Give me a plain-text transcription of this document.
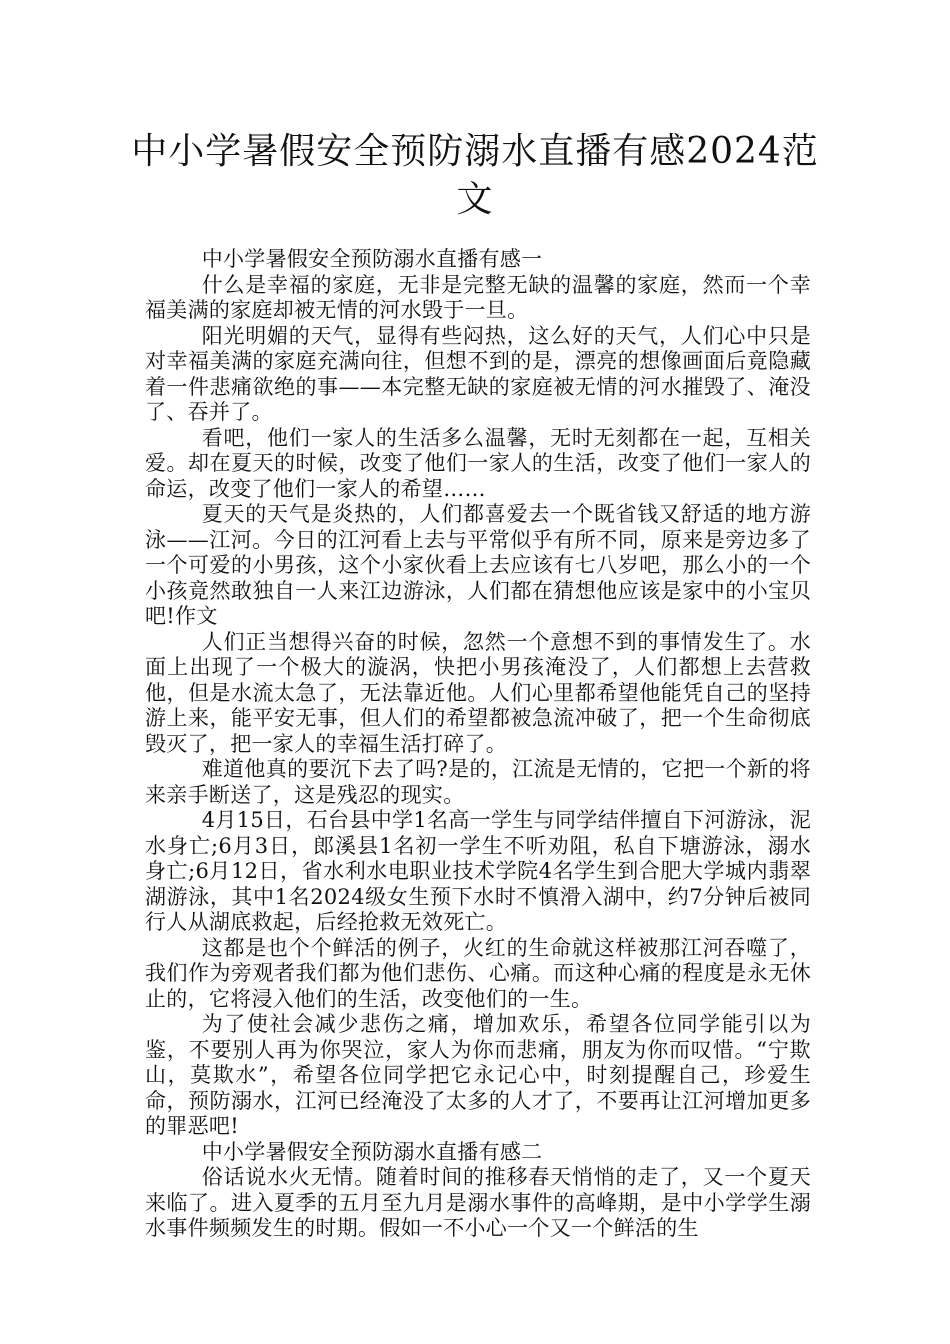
中小学暑假安全预防溺水直播有感2024范文

中小学暑假安全预防溺水直播有感一

什么是幸福的家庭，无非是完整无缺的温馨的家庭，然而一个幸福美满的家庭却被无情的河水毁于一旦。

阳光明媚的天气，显得有些闷热，这么好的天气，人们心中只是对幸福美满的家庭充满向往，但想不到的是，漂亮的想像画面后竟隐藏着一件悲痛欲绝的事——本完整无缺的家庭被无情的河水摧毁了、淹没了、吞并了。

看吧，他们一家人的生活多么温馨，无时无刻都在一起，互相关爱。却在夏天的时候，改变了他们一家人的生活，改变了他们一家人的命运，改变了他们一家人的希望……

夏天的天气是炎热的，人们都喜爱去一个既省钱又舒适的地方游泳——江河。今日的江河看上去与平常似乎有所不同，原来是旁边多了一个可爱的小男孩，这个小家伙看上去应该有七八岁吧，那么小的一个小孩竟然敢独自一人来江边游泳，人们都在猜想他应该是家中的小宝贝吧!作文

人们正当想得兴奋的时候，忽然一个意想不到的事情发生了。水面上出现了一个极大的漩涡，快把小男孩淹没了，人们都想上去营救他，但是水流太急了，无法靠近他。人们心里都希望他能凭自己的坚持游上来，能平安无事，但人们的希望都被急流冲破了，把一个生命彻底毁灭了，把一家人的幸福生活打碎了。

难道他真的要沉下去了吗?是的，江流是无情的，它把一个新的将来亲手断送了，这是残忍的现实。

4月15日，石台县中学1名高一学生与同学结伴擅自下河游泳，泥水身亡;6月3日，郎溪县1名初一学生不听劝阻，私自下塘游泳，溺水身亡;6月12日，省水利水电职业技术学院4名学生到合肥大学城内翡翠湖游泳，其中1名2024级女生预下水时不慎滑入湖中，约7分钟后被同行人从湖底救起，后经抢救无效死亡。

这都是也个个鲜活的例子，火红的生命就这样被那江河吞噬了，我们作为旁观者我们都为他们悲伤、心痛。而这种心痛的程度是永无休止的，它将浸入他们的生活，改变他们的一生。

为了使社会减少悲伤之痛，增加欢乐，希望各位同学能引以为鉴，不要别人再为你哭泣，家人为你而悲痛，朋友为你而叹惜。“宁欺山，莫欺水”，希望各位同学把它永记心中，时刻提醒自己，珍爱生命，预防溺水，江河已经淹没了太多的人才了，不要再让江河增加更多的罪恶吧!

中小学暑假安全预防溺水直播有感二

俗话说水火无情。随着时间的推移春天悄悄的走了，又一个夏天来临了。进入夏季的五月至九月是溺水事件的高峰期，是中小学学生溺水事件频频发生的时期。假如一不小心一个又一个鲜活的生
